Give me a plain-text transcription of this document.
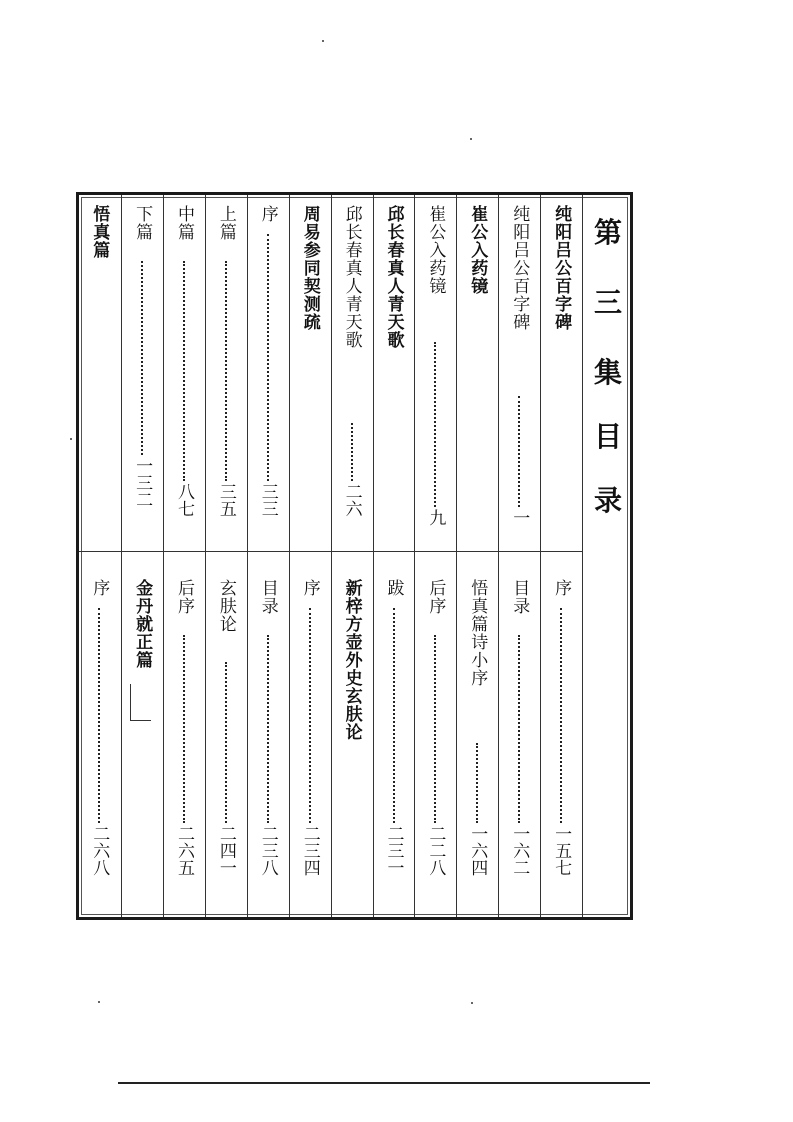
第
三
集
目
录
纯阳吕公百字碑
序
一五七
纯阳吕公百字碑
一
目录
一六二
崔公入药镜
悟真篇诗小序
一六四
崔公入药镜
九
后序
二二八
邱长春真人青天歌
跋
二三一
邱长春真人青天歌
二六
新梓方壶外史玄肤论
周易参同契测疏
序
二三四
序
三三
目录
二三八
上篇
三五
玄肤论
二四一
中篇
八七
后序
二六五
下篇
一三二
金丹就正篇
悟真篇
序
二六八
